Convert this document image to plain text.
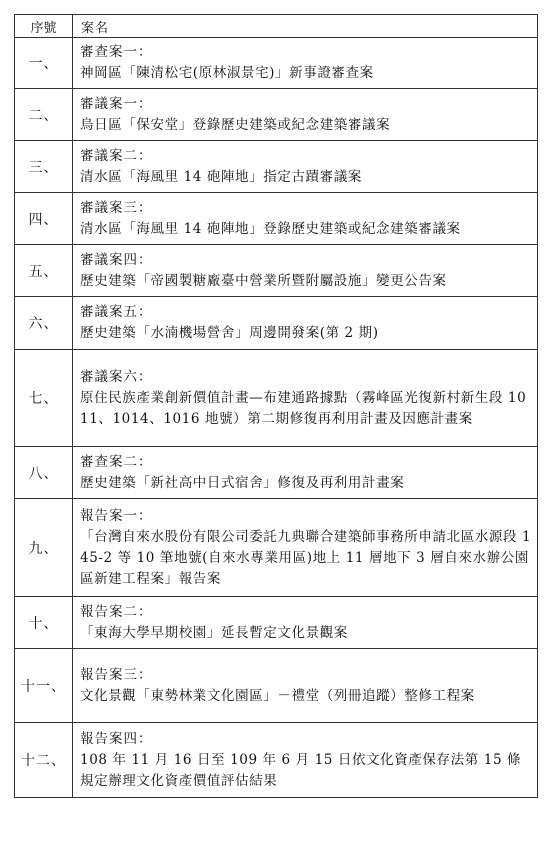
序號	案名
一、	審查案一：
神岡區「陳清松宅(原林淑景宅)」新事證審查案

二、	審議案一：
烏日區「保安堂」登錄歷史建築或紀念建築審議案

三、	審議案二：
清水區「海風里 14 砲陣地」指定古蹟審議案

四、	審議案三：
清水區「海風里 14 砲陣地」登錄歷史建築或紀念建築審議案

五、	審議案四：
歷史建築「帝國製糖廠臺中營業所暨附屬設施」變更公告案

六、	審議案五：
歷史建築「水湳機場營舍」周邊開發案(第 2 期)

七、	審議案六：
原住民族產業創新價值計畫—布建通路據點（霧峰區光復新村新生段 1011、1014、1016 地號）第二期修復再利用計畫及因應計畫案

八、	審查案二：
歷史建築「新社高中日式宿舍」修復及再利用計畫案

九、	報告案一：
「台灣自來水股份有限公司委託九典聯合建築師事務所申請北區水源段 145-2 等 10 筆地號(自來水專業用區)地上 11 層地下 3 層自來水辦公園區新建工程案」報告案

十、	報告案二：
「東海大學早期校園」延長暫定文化景觀案

十一、	報告案三：
文化景觀「東勢林業文化園區」－禮堂（列冊追蹤）整修工程案

十二、	報告案四：
108 年 11 月 16 日至 109 年 6 月 15 日依文化資產保存法第 15 條規定辦理文化資產價值評估結果
